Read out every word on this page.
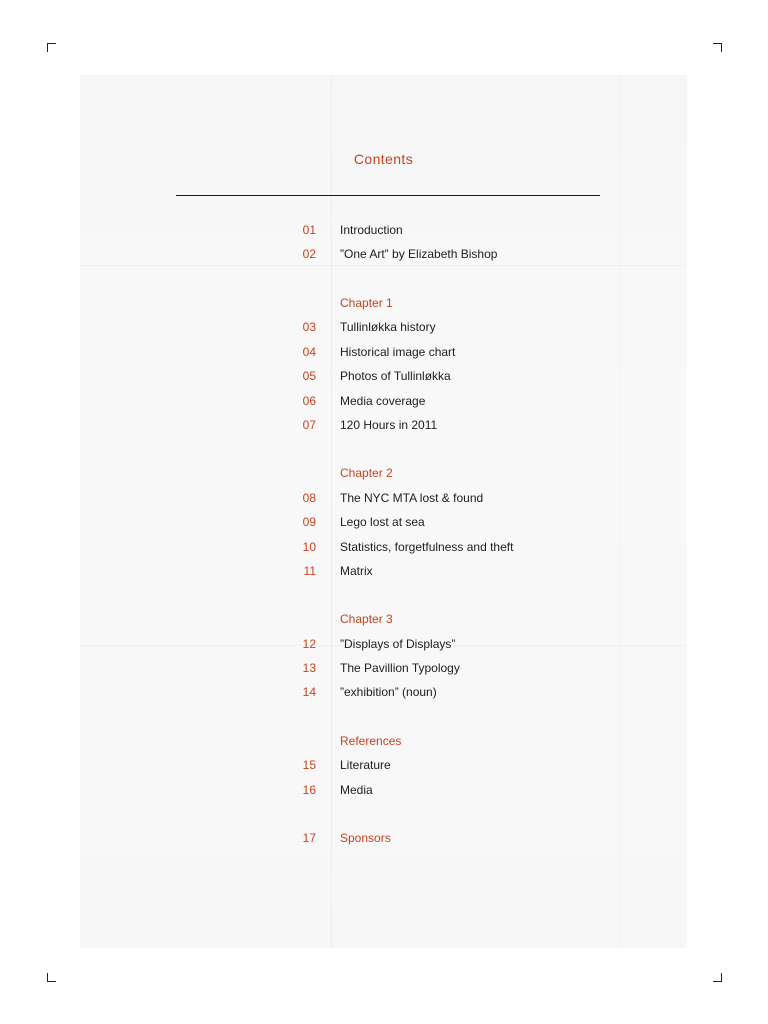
Contents
01 Introduction
02 ”One Art” by Elizabeth Bishop
Chapter 1
03 Tullinløkka history
04 Historical image chart
05 Photos of Tullinløkka
06 Media coverage
07 120 Hours in 2011
Chapter 2
08 The NYC MTA lost & found
09 Lego lost at sea
10 Statistics, forgetfulness and theft
11 Matrix
Chapter 3
12 ”Displays of Displays”
13 The Pavillion Typology
14 ”exhibition” (noun)
References
15 Literature
16 Media
17 Sponsors
